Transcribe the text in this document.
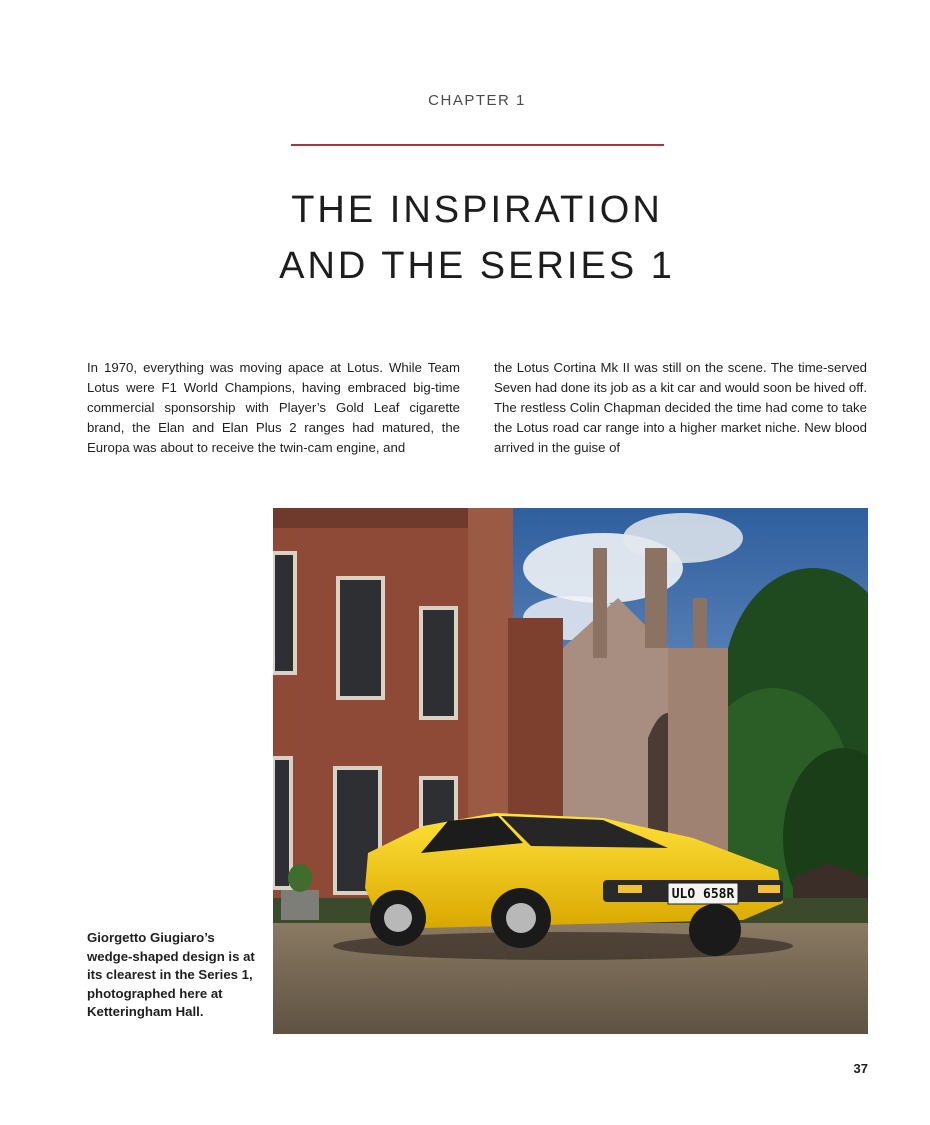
CHAPTER 1
THE INSPIRATION
AND THE SERIES 1

In 1970, everything was moving apace at Lotus. While Team Lotus were F1 World Champions, having embraced big-time commercial sponsorship with Player’s Gold Leaf cigarette brand, the Elan and Elan Plus 2 ranges had matured, the Europa was about to receive the twin-cam engine, and

the Lotus Cortina Mk II was still on the scene. The time-served Seven had done its job as a kit car and would soon be hived off. The restless Colin Chapman decided the time had come to take the Lotus road car range into a higher market niche. New blood arrived in the guise of

ULO 658R

Giorgetto Giugiaro’s wedge-shaped design is at its clearest in the Series 1, photographed here at Ketteringham Hall.

37
